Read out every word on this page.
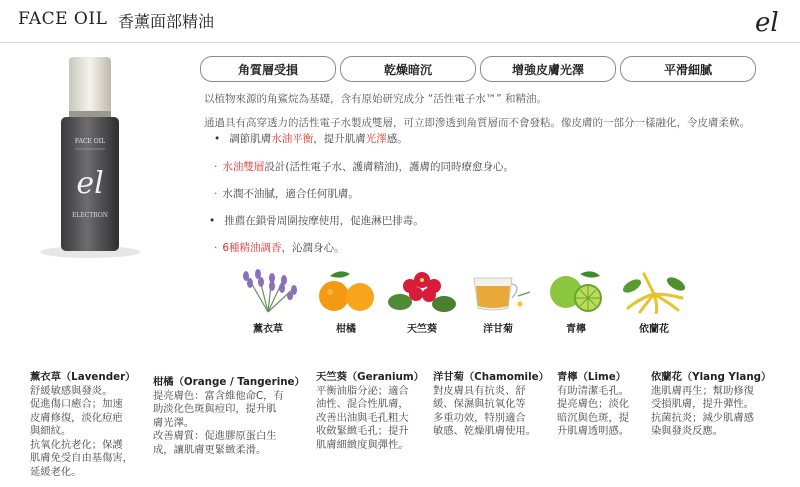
FACE OIL 香薰面部精油	el
FACE OIL
el
ELECTRON
角質層受損	乾燥暗沉	增強皮膚光澤	平滑細膩
以植物來源的角鯊烷為基礎，含有原始研究成分 “活性電子水™” 和精油。
通過具有高穿透力的活性電子水製成雙層，可立即滲透到角質層而不會發粘。像皮膚的一部分一樣融化，令皮膚柔軟。
• 調節肌膚水油平衡，提升肌膚光澤感。
· 水油雙層設計(活性電子水、護膚精油)，護膚的同時療愈身心。
· 水潤不油膩，適合任何肌膚。
• 推薦在鎖骨周圍按摩使用，促進淋巴排毒。
· 6種精油調香，沁潤身心。
薰衣草	柑橘	天竺葵	洋甘菊	青檸	依蘭花
薰衣草（Lavender）
舒緩敏感與發炎。
促進傷口癒合；加速
皮膚修復，淡化痘疤
與細紋。
抗氧化抗老化；保護
肌膚免受自由基傷害，
延緩老化。
柑橘（Orange / Tangerine）
提亮膚色：富含維他命C，有
助淡化色斑與痘印，提升肌
膚光澤。
改善膚質：促進膠原蛋白生
成，讓肌膚更緊緻柔滑。
天竺葵（Geranium）
平衡油脂分泌；適合
油性、混合性肌膚，
改善出油與毛孔粗大
收斂緊緻毛孔；提升
肌膚細緻度與彈性。
洋甘菊（Chamomile）
對皮膚具有抗炎、舒
緩、保濕與抗氧化等
多重功效，特別適合
敏感、乾燥肌膚使用。
青檸（Lime）
有助清潔毛孔。
提亮膚色；淡化
暗沉與色斑，提
升肌膚透明感。
依蘭花（Ylang Ylang）
進肌膚再生；幫助修復
受損肌膚，提升彈性。
抗菌抗炎；減少肌膚感
染與發炎反應。
